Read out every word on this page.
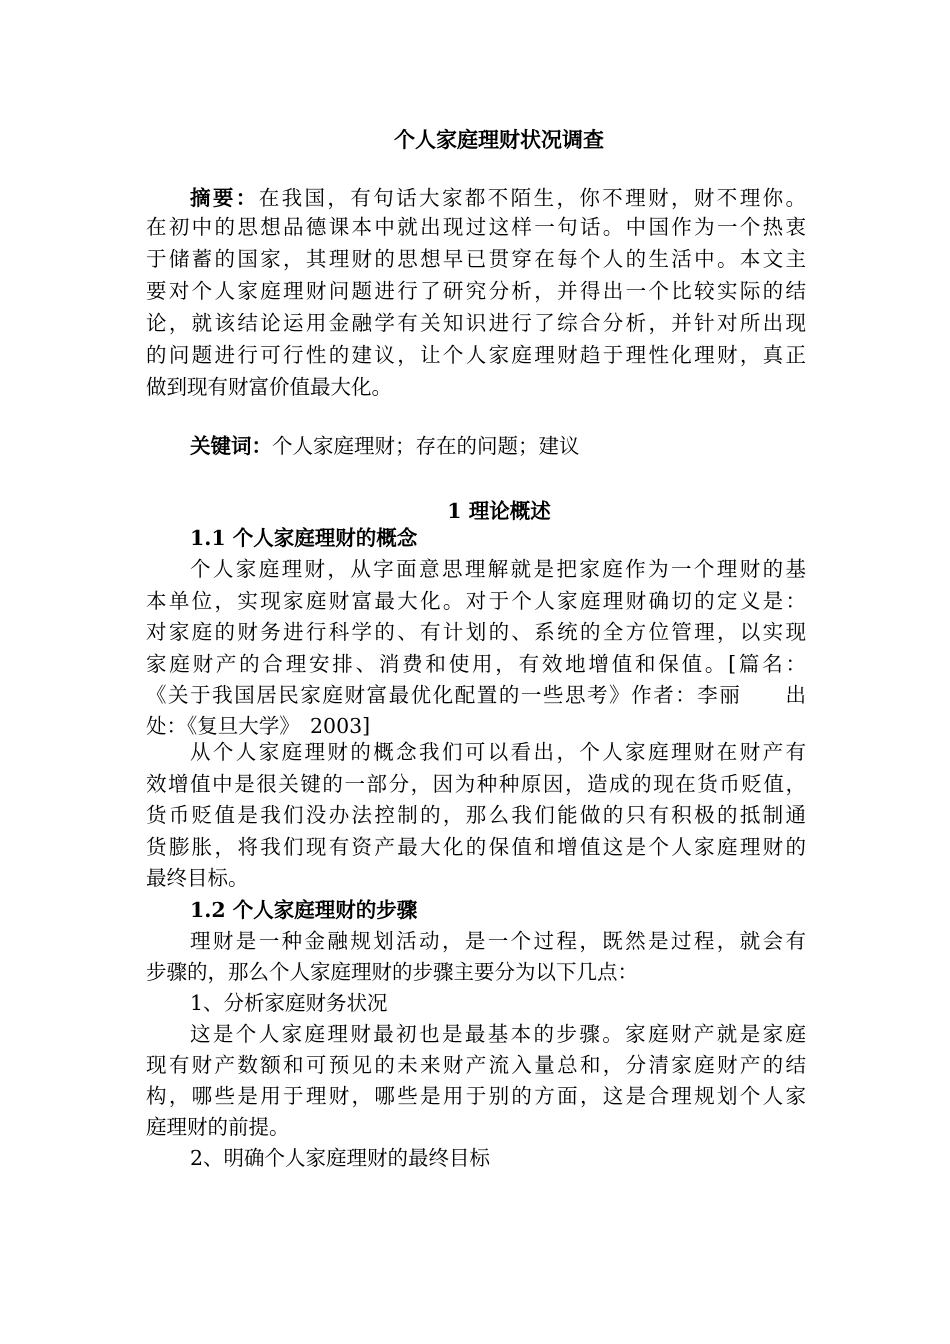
个人家庭理财状况调查
摘要：在我国，有句话大家都不陌生，你不理财，财不理你。
在初中的思想品德课本中就出现过这样一句话。中国作为一个热衷
于储蓄的国家，其理财的思想早已贯穿在每个人的生活中。本文主
要对个人家庭理财问题进行了研究分析，并得出一个比较实际的结
论，就该结论运用金融学有关知识进行了综合分析，并针对所出现
的问题进行可行性的建议，让个人家庭理财趋于理性化理财，真正
做到现有财富价值最大化。
关键词：个人家庭理财；存在的问题；建议
1 理论概述
1.1 个人家庭理财的概念
个人家庭理财，从字面意思理解就是把家庭作为一个理财的基
本单位，实现家庭财富最大化。对于个人家庭理财确切的定义是：
对家庭的财务进行科学的、有计划的、系统的全方位管理，以实现
家庭财产的合理安排、消费和使用，有效地增值和保值。[篇名：
《关于我国居民家庭财富最优化配置的一些思考》作者：李丽　　出
处：《复旦大学》　2003]
从个人家庭理财的概念我们可以看出，个人家庭理财在财产有
效增值中是很关键的一部分，因为种种原因，造成的现在货币贬值，
货币贬值是我们没办法控制的，那么我们能做的只有积极的抵制通
货膨胀，将我们现有资产最大化的保值和增值这是个人家庭理财的
最终目标。
1.2 个人家庭理财的步骤
理财是一种金融规划活动，是一个过程，既然是过程，就会有
步骤的，那么个人家庭理财的步骤主要分为以下几点：
1、分析家庭财务状况
这是个人家庭理财最初也是最基本的步骤。家庭财产就是家庭
现有财产数额和可预见的未来财产流入量总和，分清家庭财产的结
构，哪些是用于理财，哪些是用于别的方面，这是合理规划个人家
庭理财的前提。
2、明确个人家庭理财的最终目标
